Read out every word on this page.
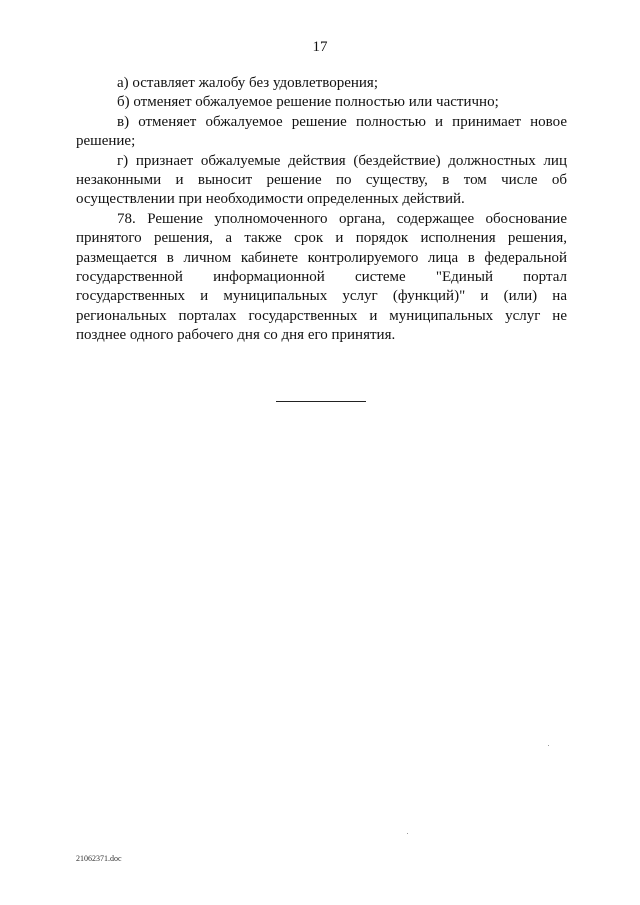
17

а) оставляет жалобу без удовлетворения;

б) отменяет обжалуемое решение полностью или частично;

в) отменяет обжалуемое решение полностью и принимает новое решение;

г) признает обжалуемые действия (бездействие) должностных лиц незаконными и выносит решение по существу, в том числе об осуществлении при необходимости определенных действий.

78. Решение уполномоченного органа, содержащее обоснование принятого решения, а также срок и порядок исполнения решения, размещается в личном кабинете контролируемого лица в федеральной государственной информационной системе "Единый портал государственных и муниципальных услуг (функций)" и (или) на региональных порталах государственных и муниципальных услуг не позднее одного рабочего дня со дня его принятия.

21062371.doc
